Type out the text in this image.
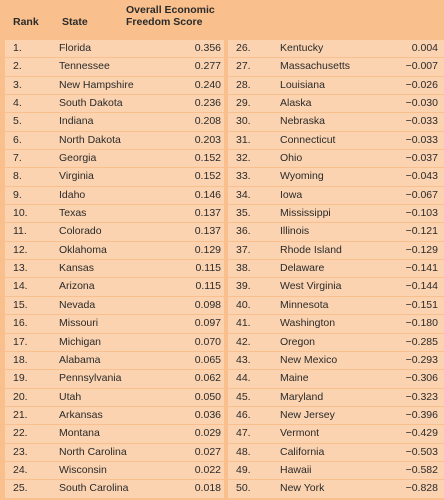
Rank State
Overall Economic
Freedom Score
1.	Florida	0.356
2.	Tennessee	0.277
3.	New Hampshire	0.240
4.	South Dakota	0.236
5.	Indiana	0.208
6.	North Dakota	0.203
7.	Georgia	0.152
8.	Virginia	0.152
9.	Idaho	0.146
10.	Texas	0.137
11.	Colorado	0.137
12.	Oklahoma	0.129
13.	Kansas	0.115
14.	Arizona	0.115
15.	Nevada	0.098
16.	Missouri	0.097
17.	Michigan	0.070
18.	Alabama	0.065
19.	Pennsylvania	0.062
20.	Utah	0.050
21.	Arkansas	0.036
22.	Montana	0.029
23.	North Carolina	0.027
24.	Wisconsin	0.022
25.	South Carolina	0.018
26.	Kentucky	0.004
27.	Massachusetts	−0.007
28.	Louisiana	−0.026
29.	Alaska	−0.030
30.	Nebraska	−0.033
31.	Connecticut	−0.033
32.	Ohio	−0.037
33.	Wyoming	−0.043
34.	Iowa	−0.067
35.	Mississippi	−0.103
36.	Illinois	−0.121
37.	Rhode Island	−0.129
38.	Delaware	−0.141
39.	West Virginia	−0.144
40.	Minnesota	−0.151
41.	Washington	−0.180
42.	Oregon	−0.285
43.	New Mexico	−0.293
44.	Maine	−0.306
45.	Maryland	−0.323
46.	New Jersey	−0.396
47.	Vermont	−0.429
48.	California	−0.503
49.	Hawaii	−0.582
50.	New York	−0.828
